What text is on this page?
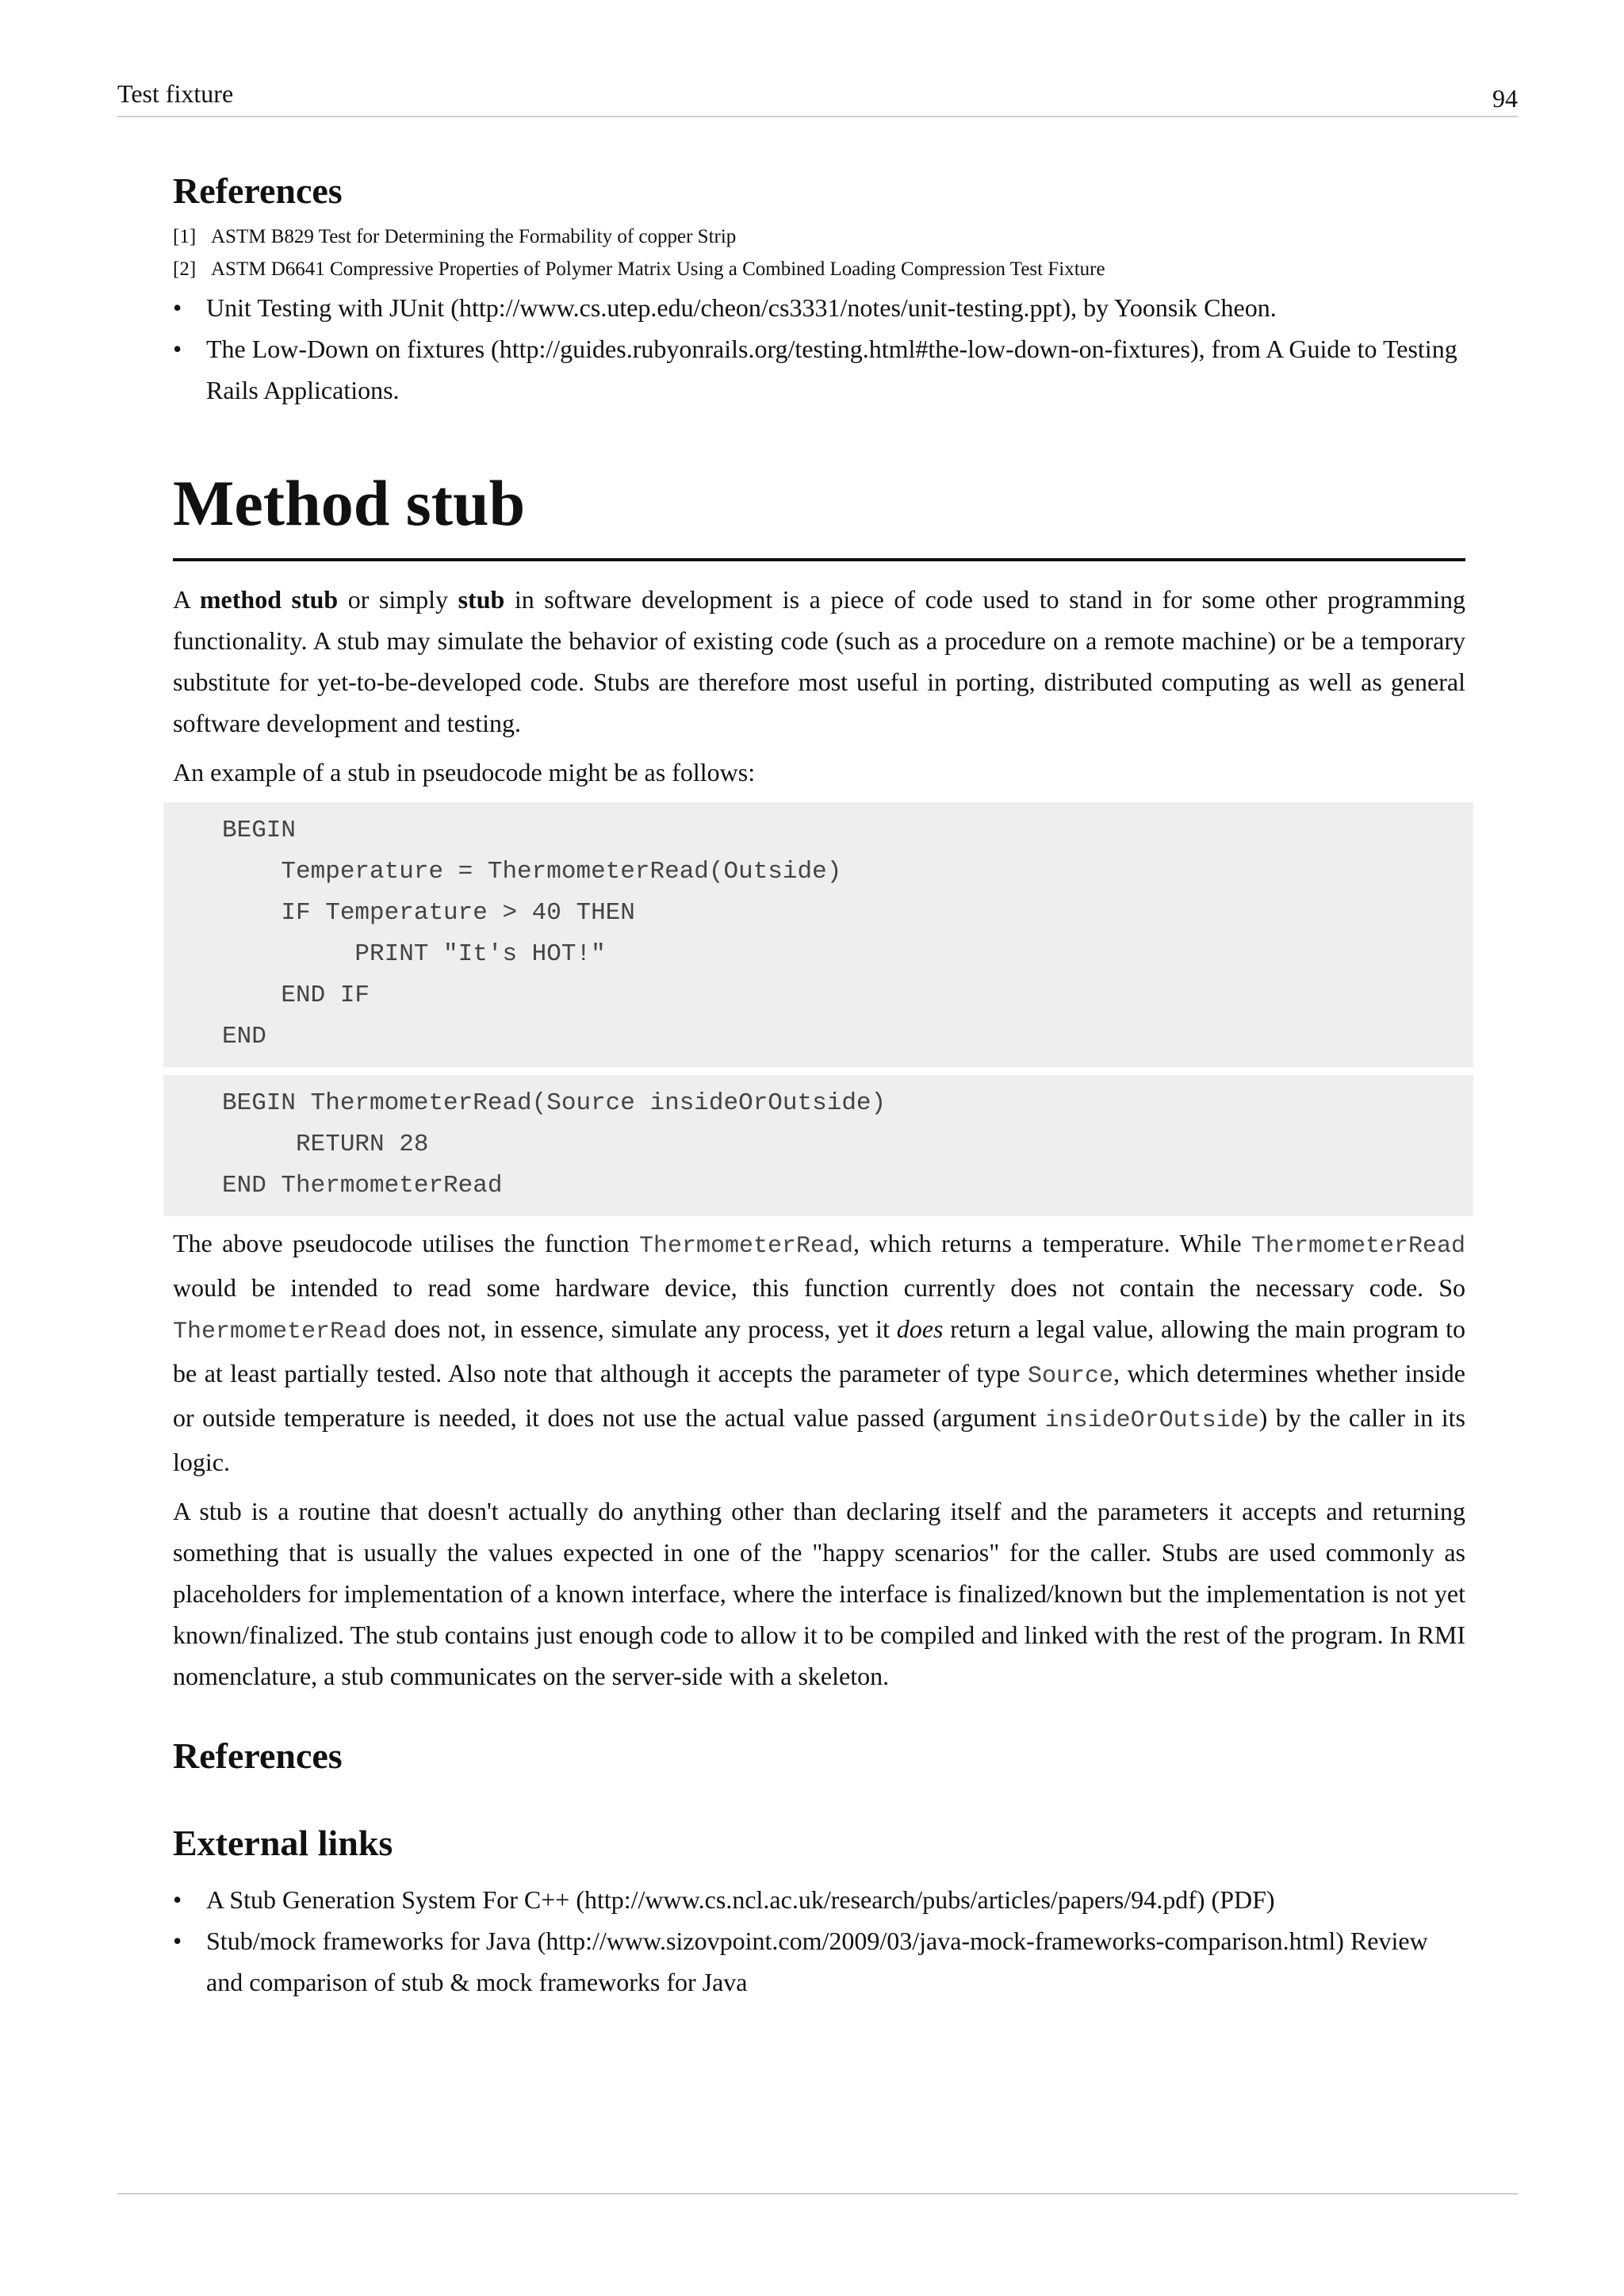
Test fixture	94
References
[1] ASTM B829 Test for Determining the Formability of copper Strip
[2] ASTM D6641 Compressive Properties of Polymer Matrix Using a Combined Loading Compression Test Fixture
• Unit Testing with JUnit (http://www.cs.utep.edu/cheon/cs3331/notes/unit-testing.ppt), by Yoonsik Cheon.
• The Low-Down on fixtures (http://guides.rubyonrails.org/testing.html#the-low-down-on-fixtures), from A Guide to Testing Rails Applications.
Method stub

A method stub or simply stub in software development is a piece of code used to stand in for some other programming functionality. A stub may simulate the behavior of existing code (such as a procedure on a remote machine) or be a temporary substitute for yet-to-be-developed code. Stubs are therefore most useful in porting, distributed computing as well as general software development and testing.

An example of a stub in pseudocode might be as follows:

BEGIN
Temperature = ThermometerRead(Outside)
IF Temperature > 40 THEN
PRINT "It's HOT!"
END IF
END
BEGIN ThermometerRead(Source insideOrOutside)
RETURN 28
END ThermometerRead

The above pseudocode utilises the function ThermometerRead, which returns a temperature. While ThermometerRead would be intended to read some hardware device, this function currently does not contain the necessary code. So ThermometerRead does not, in essence, simulate any process, yet it does return a legal value, allowing the main program to be at least partially tested. Also note that although it accepts the parameter of type Source, which determines whether inside or outside temperature is needed, it does not use the actual value passed (argument insideOrOutside) by the caller in its logic.

A stub is a routine that doesn't actually do anything other than declaring itself and the parameters it accepts and returning something that is usually the values expected in one of the "happy scenarios" for the caller. Stubs are used commonly as placeholders for implementation of a known interface, where the interface is finalized/known but the implementation is not yet known/finalized. The stub contains just enough code to allow it to be compiled and linked with the rest of the program. In RMI nomenclature, a stub communicates on the server-side with a skeleton.

References
External links
• A Stub Generation System For C++ (http://www.cs.ncl.ac.uk/research/pubs/articles/papers/94.pdf) (PDF)
• Stub/mock frameworks for Java (http://www.sizovpoint.com/2009/03/java-mock-frameworks-comparison.html) Review and comparison of stub & mock frameworks for Java
